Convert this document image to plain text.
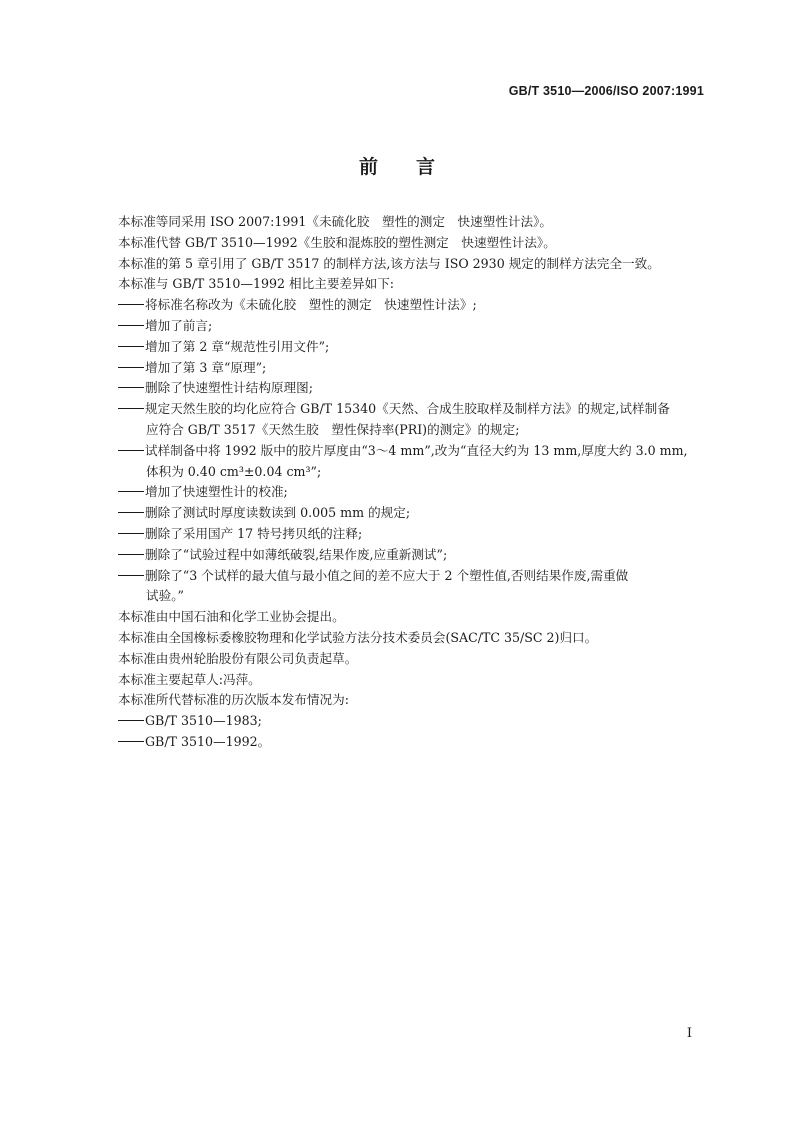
GB/T 3510—2006/ISO 2007:1991
前言
本标准等同采用 ISO 2007:1991《未硫化胶　塑性的测定　快速塑性计法》。
本标准代替 GB/T 3510—1992《生胶和混炼胶的塑性测定　快速塑性计法》。
本标准的第 5 章引用了 GB/T 3517 的制样方法,该方法与 ISO 2930 规定的制样方法完全一致。
本标准与 GB/T 3510—1992 相比主要差异如下:
将标准名称改为《未硫化胶　塑性的测定　快速塑性计法》;
增加了前言;
增加了第 2 章“规范性引用文件”;
增加了第 3 章“原理”;
删除了快速塑性计结构原理图;
规定天然生胶的均化应符合 GB/T 15340《天然、合成生胶取样及制样方法》的规定,试样制备
应符合 GB/T 3517《天然生胶　塑性保持率(PRI)的测定》的规定;
试样制备中将 1992 版中的胶片厚度由“3～4 mm”,改为“直径大约为 13 mm,厚度大约 3.0 mm,
体积为 0.40 cm³±0.04 cm³”;
增加了快速塑性计的校准;
删除了测试时厚度读数读到 0.005 mm 的规定;
删除了采用国产 17 特号拷贝纸的注释;
删除了“试验过程中如薄纸破裂,结果作废,应重新测试”;
删除了“3 个试样的最大值与最小值之间的差不应大于 2 个塑性值,否则结果作废,需重做
试验。”
本标准由中国石油和化学工业协会提出。
本标准由全国橡标委橡胶物理和化学试验方法分技术委员会(SAC/TC 35/SC 2)归口。
本标准由贵州轮胎股份有限公司负责起草。
本标准主要起草人:冯萍。
本标准所代替标准的历次版本发布情况为:
GB/T 3510—1983;
GB/T 3510—1992。
I
